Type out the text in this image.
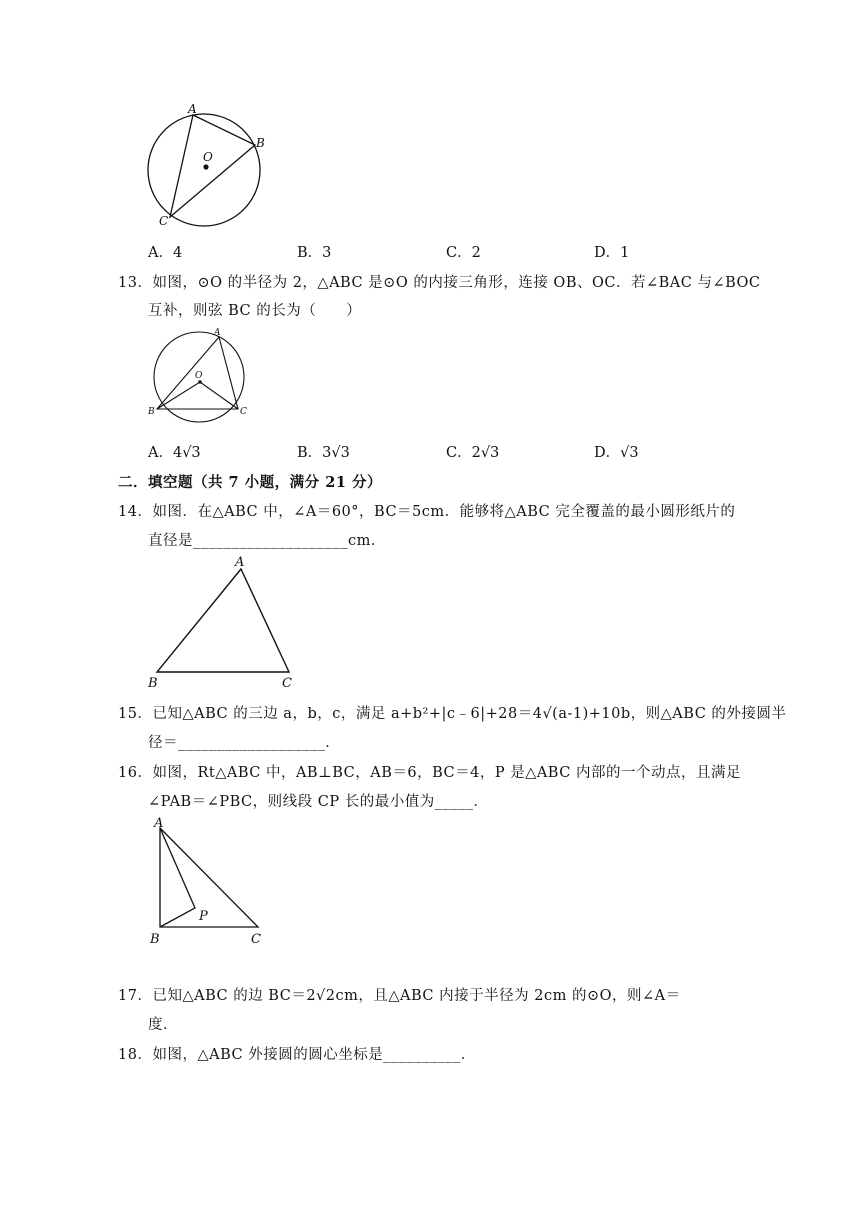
A
B
C
O
A．4	B．3	C．2	D．1
13．如图，⊙O 的半径为 2，△ABC 是⊙O 的内接三角形，连接 OB、OC．若∠BAC 与∠BOC
互补，则弦 BC 的长为（　　）
A
B	C
O
A．4√3	B．3√3	C．2√3	D．√3
二．填空题（共 7 小题，满分 21 分）
14．如图．在△ABC 中，∠A＝60°，BC＝5cm．能够将△ABC 完全覆盖的最小圆形纸片的
直径是____________________cm．
A
B	C
15．已知△ABC 的三边 a，b，c，满足 a+b²+|c﹣6|+28＝4√(a-1)+10b，则△ABC 的外接圆半
径＝___________________．
16．如图，Rt△ABC 中，AB⊥BC，AB＝6，BC＝4，P 是△ABC 内部的一个动点，且满足
∠PAB＝∠PBC，则线段 CP 长的最小值为_____．
A
B	C
P
17．已知△ABC 的边 BC＝2√2cm，且△ABC 内接于半径为 2cm 的⊙O，则∠A＝
度．
18．如图，△ABC 外接圆的圆心坐标是__________．
